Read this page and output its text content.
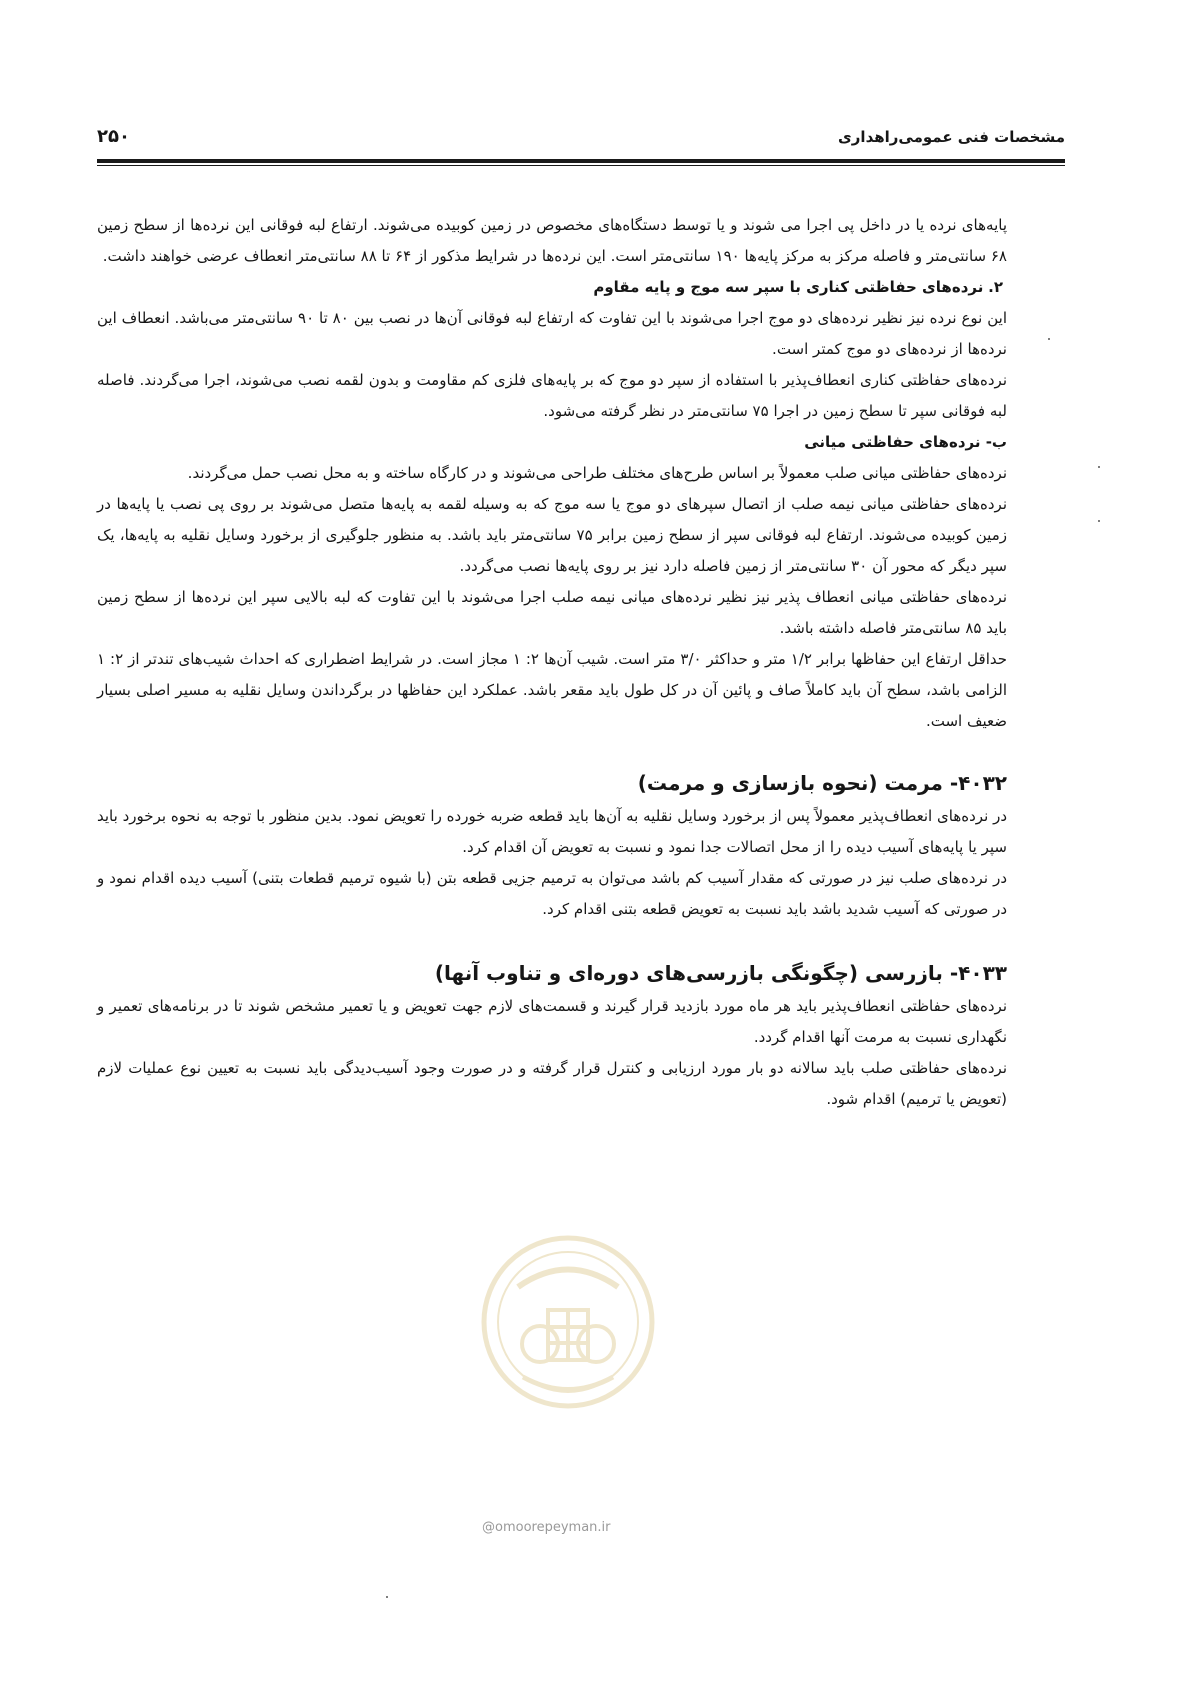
مشخصات فنی عمومی‌راهداری
۲۵۰

پایه‌های نرده یا در داخل پی اجرا می شوند و یا توسط دستگاه‌های مخصوص در زمین کوبیده می‌شوند. ارتفاع لبه فوقانی این نرده‌ها از سطح زمین ۶۸ سانتی‌متر و فاصله مرکز به مرکز پایه‌ها ۱۹۰ سانتی‌متر است. این نرده‌ها در شرایط مذکور از ۶۴ تا ۸۸ سانتی‌متر انعطاف عرضی خواهند داشت.

۲. نرده‌های حفاظتی کناری با سپر سه موج و پایه مقاوم

این نوع نرده نیز نظیر نرده‌های دو موج اجرا می‌شوند با این تفاوت که ارتفاع لبه فوقانی آن‌ها در نصب بین ۸۰ تا ۹۰ سانتی‌متر می‌باشد. انعطاف این نرده‌ها از نرده‌های دو موج کمتر است.

نرده‌های حفاظتی کناری انعطاف‌پذیر با استفاده از سپر دو موج که بر پایه‌های فلزی کم مقاومت و بدون لقمه نصب می‌شوند، اجرا می‌گردند. فاصله لبه فوقانی سپر تا سطح زمین در اجرا ۷۵ سانتی‌متر در نظر گرفته می‌شود.

ب- نرده‌های حفاظتی میانی

نرده‌های حفاظتی میانی صلب معمولاً بر اساس طرح‌های مختلف طراحی می‌شوند و در کارگاه ساخته و به محل نصب حمل می‌گردند.

نرده‌های حفاظتی میانی نیمه صلب از اتصال سپرهای دو موج یا سه موج که به وسیله لقمه به پایه‌ها متصل می‌شوند بر روی پی نصب یا پایه‌ها در زمین کوبیده می‌شوند. ارتفاع لبه فوقانی سپر از سطح زمین برابر ۷۵ سانتی‌متر باید باشد. به منظور جلوگیری از برخورد وسایل نقلیه به پایه‌ها، یک سپر دیگر که محور آن ۳۰ سانتی‌متر از زمین فاصله دارد نیز بر روی پایه‌ها نصب می‌گردد.

نرده‌های حفاظتی میانی انعطاف پذیر نیز نظیر نرده‌های میانی نیمه صلب اجرا می‌شوند با این تفاوت که لبه بالایی سپر این نرده‌ها از سطح زمین باید ۸۵ سانتی‌متر فاصله داشته باشد.

حداقل ارتفاع این حفاظها برابر ۱/۲ متر و حداکثر ۳/۰ متر است. شیب آن‌ها ۲: ۱ مجاز است. در شرایط اضطراری که احداث شیب‌های تندتر از ۲: ۱ الزامی باشد، سطح آن باید کاملاً صاف و پائین آن در کل طول باید مقعر باشد. عملکرد این حفاظها در برگرداندن وسایل نقلیه به مسیر اصلی بسیار ضعیف است.

۴۰۳۲- مرمت (نحوه بازسازی و مرمت)

در نرده‌های انعطاف‌پذیر معمولاً پس از برخورد وسایل نقلیه به آن‌ها باید قطعه ضربه خورده را تعویض نمود. بدین منظور با توجه به نحوه برخورد باید سپر یا پایه‌های آسیب دیده را از محل اتصالات جدا نمود و نسبت به تعویض آن اقدام کرد.

در نرده‌های صلب نیز در صورتی که مقدار آسیب کم باشد می‌توان به ترمیم جزیی قطعه بتن (با شیوه ترمیم قطعات بتنی) آسیب دیده اقدام نمود و در صورتی که آسیب شدید باشد باید نسبت به تعویض قطعه بتنی اقدام کرد.

۴۰۳۳- بازرسی (چگونگی بازرسی‌های دوره‌ای و تناوب آنها)

نرده‌های حفاظتی انعطاف‌پذیر باید هر ماه مورد بازدید قرار گیرند و قسمت‌های لازم جهت تعویض و یا تعمیر مشخص شوند تا در برنامه‌های تعمیر و نگهداری نسبت به مرمت آنها اقدام گردد.

نرده‌های حفاظتی صلب باید سالانه دو بار مورد ارزیابی و کنترل قرار گرفته و در صورت وجود آسیب‌دیدگی باید نسبت به تعیین نوع عملیات لازم (تعویض یا ترمیم) اقدام شود.

@omoorepeyman.ir
